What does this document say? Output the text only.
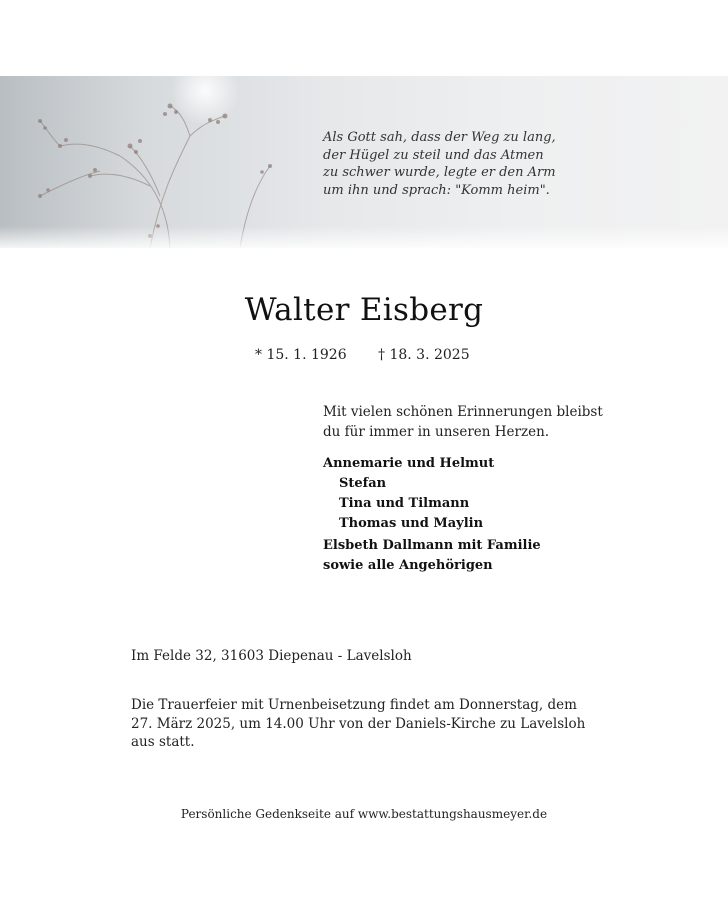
Als Gott sah, dass der Weg zu lang,
der Hügel zu steil und das Atmen
zu schwer wurde, legte er den Arm
um ihn und sprach: "Komm heim".
Walter Eisberg
* 15. 1. 1926 † 18. 3. 2025
Mit vielen schönen Erinnerungen bleibst
du für immer in unseren Herzen.
Annemarie und Helmut
Stefan
Tina und Tilmann
Thomas und Maylin
Elsbeth Dallmann mit Familie
sowie alle Angehörigen
Im Felde 32, 31603 Diepenau - Lavelsloh
Die Trauerfeier mit Urnenbeisetzung findet am Donnerstag, dem
27. März 2025, um 14.00 Uhr von der Daniels-Kirche zu Lavelsloh
aus statt.
Persönliche Gedenkseite auf www.bestattungshausmeyer.de
